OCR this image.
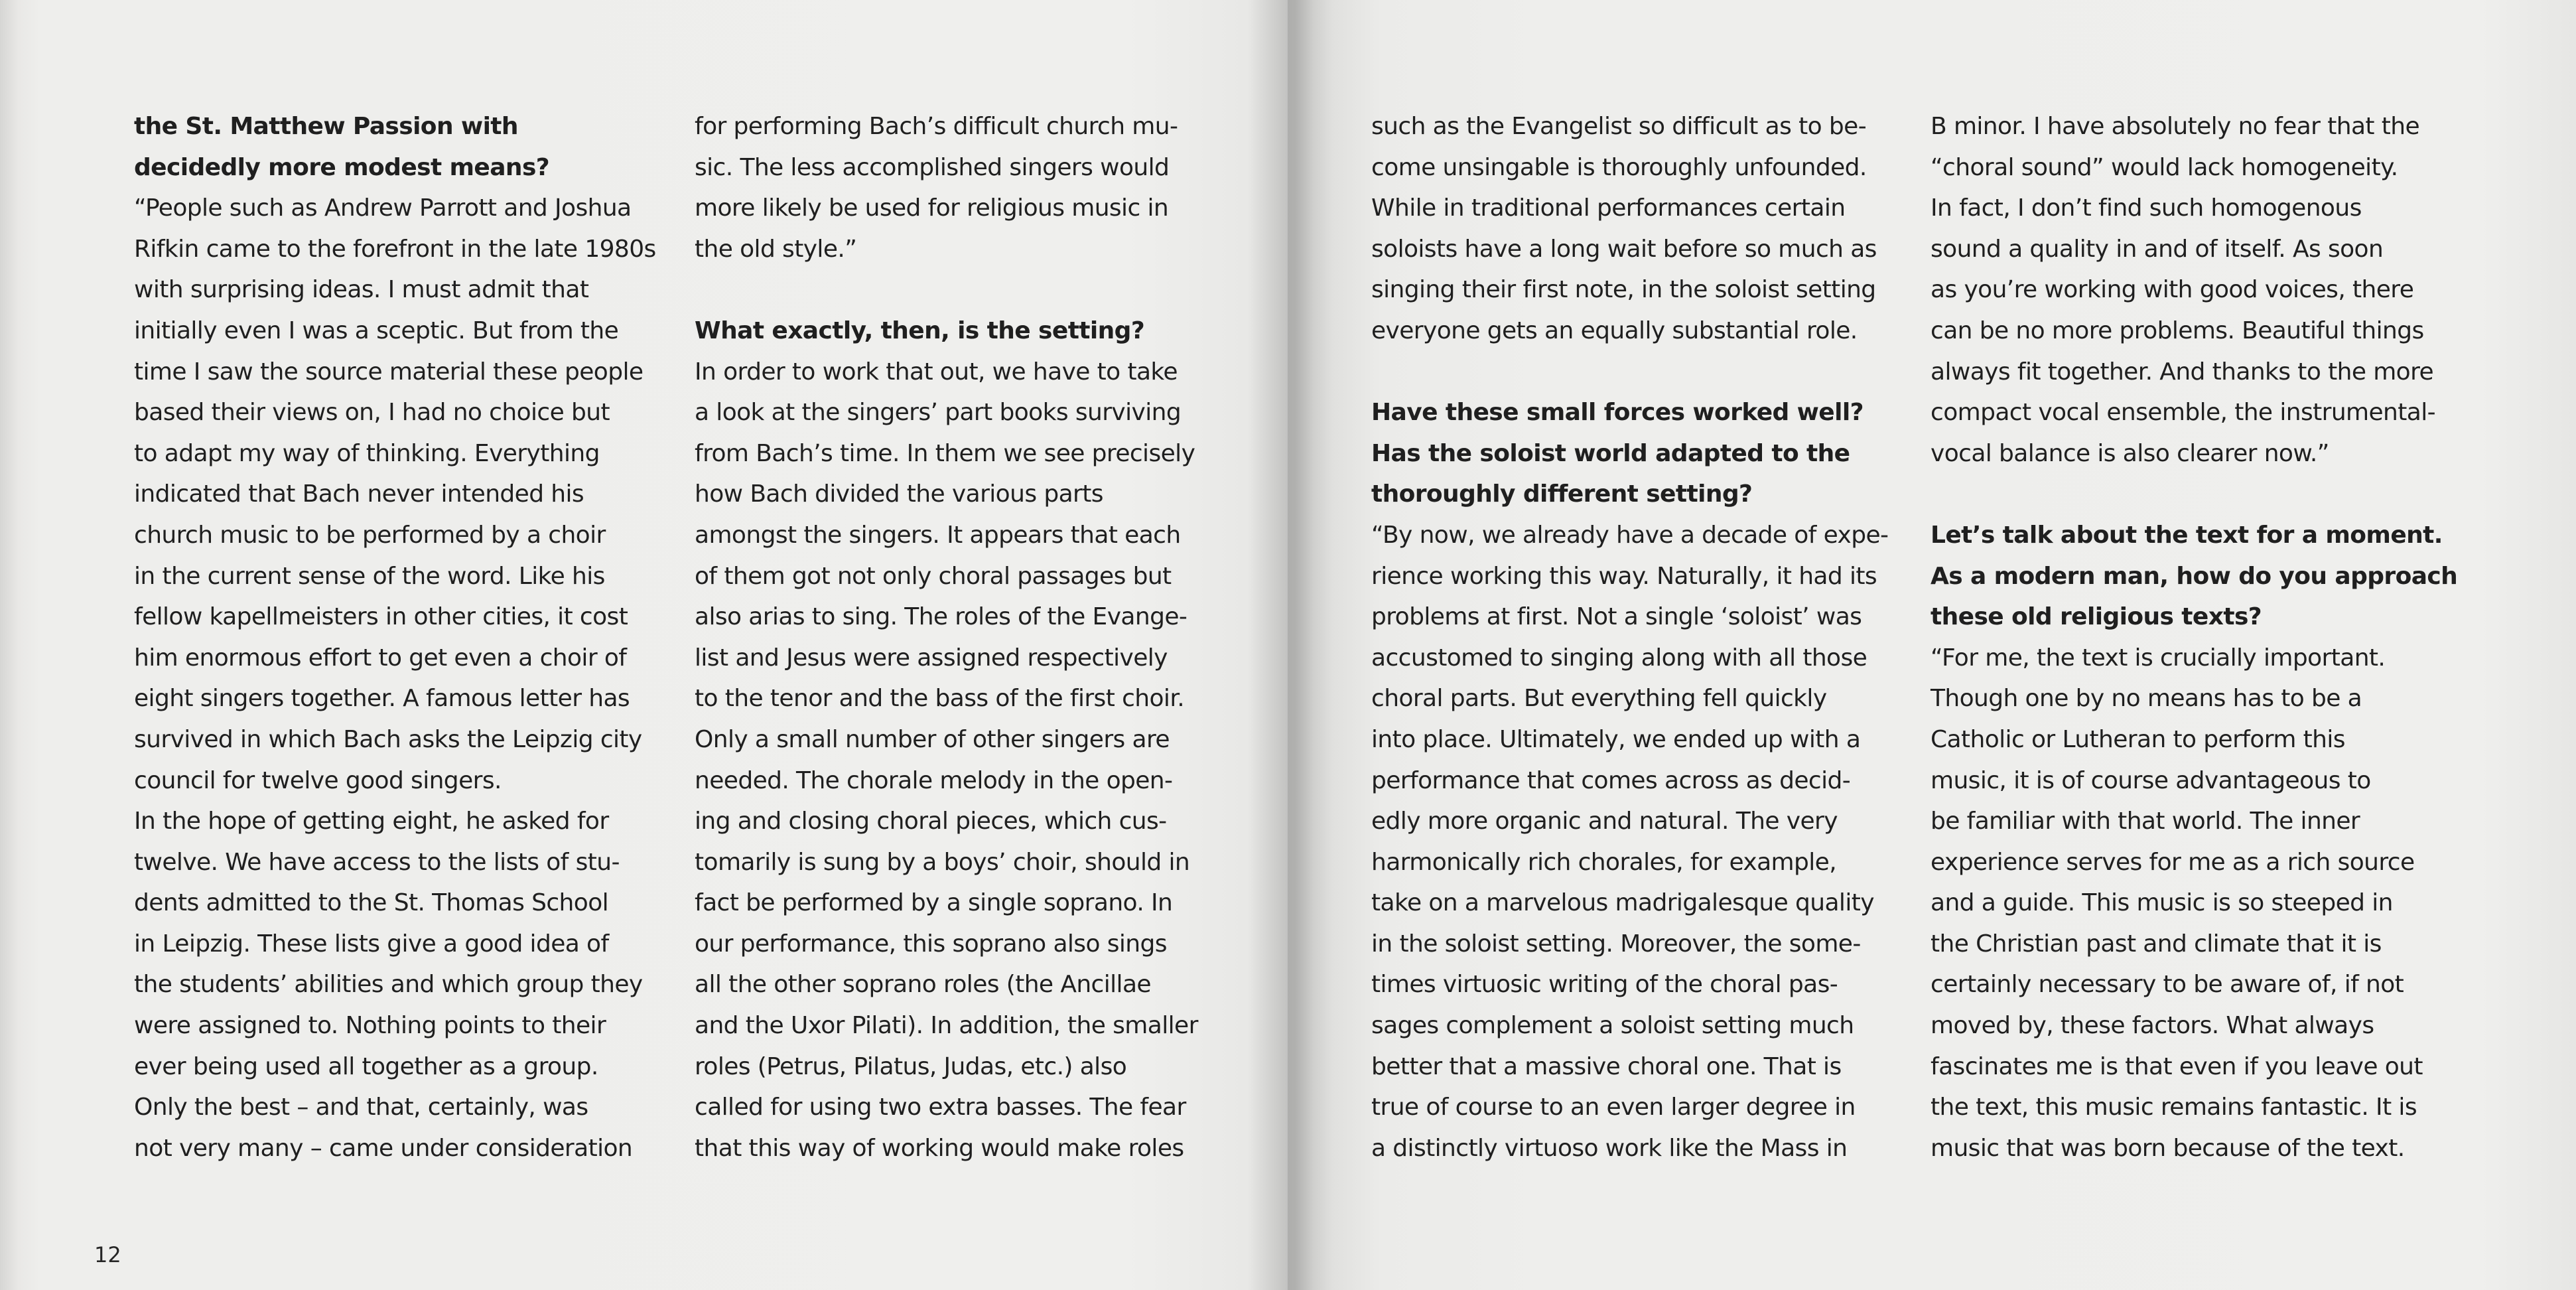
the St. Matthew Passion with
decidedly more modest means?

“People such as Andrew Parrott and Joshua
Rifkin came to the forefront in the late 1980s
with surprising ideas. I must admit that
initially even I was a sceptic. But from the
time I saw the source material these people
based their views on, I had no choice but
to adapt my way of thinking. Everything
indicated that Bach never intended his
church music to be performed by a choir
in the current sense of the word. Like his
fellow kapellmeisters in other cities, it cost
him enormous effort to get even a choir of
eight singers together. A famous letter has
survived in which Bach asks the Leipzig city
council for twelve good singers.
In the hope of getting eight, he asked for
twelve. We have access to the lists of stu-
dents admitted to the St. Thomas School
in Leipzig. These lists give a good idea of
the students’ abilities and which group they
were assigned to. Nothing points to their
ever being used all together as a group.
Only the best – and that, certainly, was
not very many – came under consideration

for performing Bach’s difficult church mu-
sic. The less accomplished singers would
more likely be used for religious music in
the old style.”

What exactly, then, is the setting?

In order to work that out, we have to take
a look at the singers’ part books surviving
from Bach’s time. In them we see precisely
how Bach divided the various parts
amongst the singers. It appears that each
of them got not only choral passages but
also arias to sing. The roles of the Evange-
list and Jesus were assigned respectively
to the tenor and the bass of the first choir.
Only a small number of other singers are
needed. The chorale melody in the open-
ing and closing choral pieces, which cus-
tomarily is sung by a boys’ choir, should in
fact be performed by a single soprano. In
our performance, this soprano also sings
all the other soprano roles (the Ancillae
and the Uxor Pilati). In addition, the smaller
roles (Petrus, Pilatus, Judas, etc.) also
called for using two extra basses. The fear
that this way of working would make roles

12

such as the Evangelist so difficult as to be-
come unsingable is thoroughly unfounded.
While in traditional performances certain
soloists have a long wait before so much as
singing their first note, in the soloist setting
everyone gets an equally substantial role.

Have these small forces worked well?
Has the soloist world adapted to the
thoroughly different setting?

“By now, we already have a decade of expe-
rience working this way. Naturally, it had its
problems at first. Not a single ‘soloist’ was
accustomed to singing along with all those
choral parts. But everything fell quickly
into place. Ultimately, we ended up with a
performance that comes across as decid-
edly more organic and natural. The very
harmonically rich chorales, for example,
take on a marvelous madrigalesque quality
in the soloist setting. Moreover, the some-
times virtuosic writing of the choral pas-
sages complement a soloist setting much
better that a massive choral one. That is
true of course to an even larger degree in
a distinctly virtuoso work like the Mass in

B minor. I have absolutely no fear that the
“choral sound” would lack homogeneity.
In fact, I don’t find such homogenous
sound a quality in and of itself. As soon
as you’re working with good voices, there
can be no more problems. Beautiful things
always fit together. And thanks to the more
compact vocal ensemble, the instrumental-
vocal balance is also clearer now.”

Let’s talk about the text for a moment.
As a modern man, how do you approach
these old religious texts?

“For me, the text is crucially important.
Though one by no means has to be a
Catholic or Lutheran to perform this
music, it is of course advantageous to
be familiar with that world. The inner
experience serves for me as a rich source
and a guide. This music is so steeped in
the Christian past and climate that it is
certainly necessary to be aware of, if not
moved by, these factors. What always
fascinates me is that even if you leave out
the text, this music remains fantastic. It is
music that was born because of the text.
